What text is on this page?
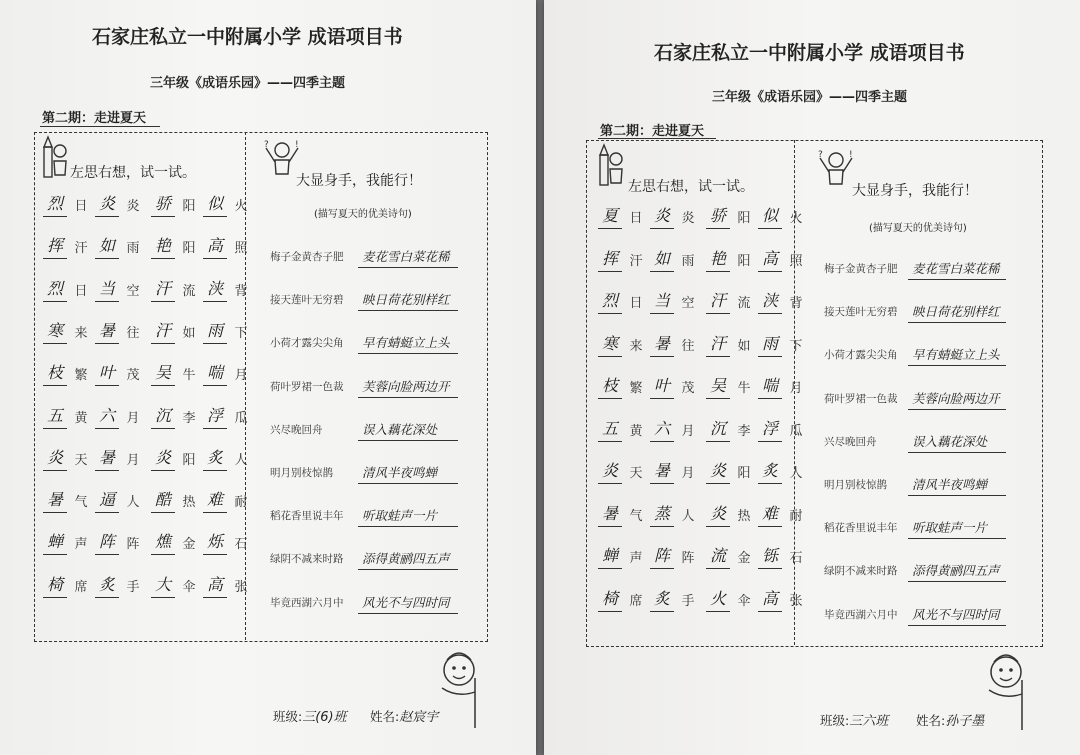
石家庄私立一中附属小学 成语项目书
三年级《成语乐园》——四季主题
第二期：走进夏天
左思右想，试一试。
?	!
大显身手，我能行！
(描写夏天的优美诗句)
烈 日 炎 炎 骄 阳 似 火
挥 汗 如 雨 艳 阳 高 照
烈 日 当 空 汗 流 浃 背
寒 来 暑 往 汗 如 雨 下
枝 繁 叶 茂 吴 牛 喘 月
五 黄 六 月 沉 李 浮 瓜
炎 天 暑 月 炎 阳 炙 人
暑 气 逼 人 酷 热 难 耐
蝉 声 阵 阵 燋 金 烁 石
椅 席 炙 手 大 伞 高 张
梅子金黄杏子肥 麦花雪白菜花稀
接天莲叶无穷碧 映日荷花别样红
小荷才露尖尖角 早有蜻蜓立上头
荷叶罗裙一色裁 芙蓉向脸两边开
兴尽晚回舟	误入藕花深处
明月别枝惊鹊 清风半夜鸣蝉
稻花香里说丰年 听取蛙声一片
绿阴不减来时路 添得黄鹂四五声
毕竟西湖六月中 风光不与四时同
班级:三(6)班 姓名:赵宸宇
石家庄私立一中附属小学 成语项目书
三年级《成语乐园》——四季主题
第二期：走进夏天
左思右想，试一试。
?	!
大显身手，我能行！
(描写夏天的优美诗句)
夏 日 炎 炎 骄 阳 似 火
挥 汗 如 雨 艳 阳 高 照
烈 日 当 空 汗 流 浃 背
寒 来 暑 往 汗 如 雨 下
枝 繁 叶 茂 吴 牛 喘 月
五 黄 六 月 沉 李 浮 瓜
炎 天 暑 月 炎 阳 炙 人
暑 气 蒸 人 炎 热 难 耐
蝉 声 阵 阵 流 金 铄 石
椅 席 炙 手 火 伞 高 张
梅子金黄杏子肥 麦花雪白菜花稀
接天莲叶无穷碧 映日荷花别样红
小荷才露尖尖角 早有蜻蜓立上头
荷叶罗裙一色裁 芙蓉向脸两边开
兴尽晚回舟	误入藕花深处
明月别枝惊鹊 清风半夜鸣蝉
稻花香里说丰年 听取蛙声一片
绿阴不减来时路 添得黄鹂四五声
毕竟西湖六月中 风光不与四时同
班级:三六班 姓名:孙子墨
